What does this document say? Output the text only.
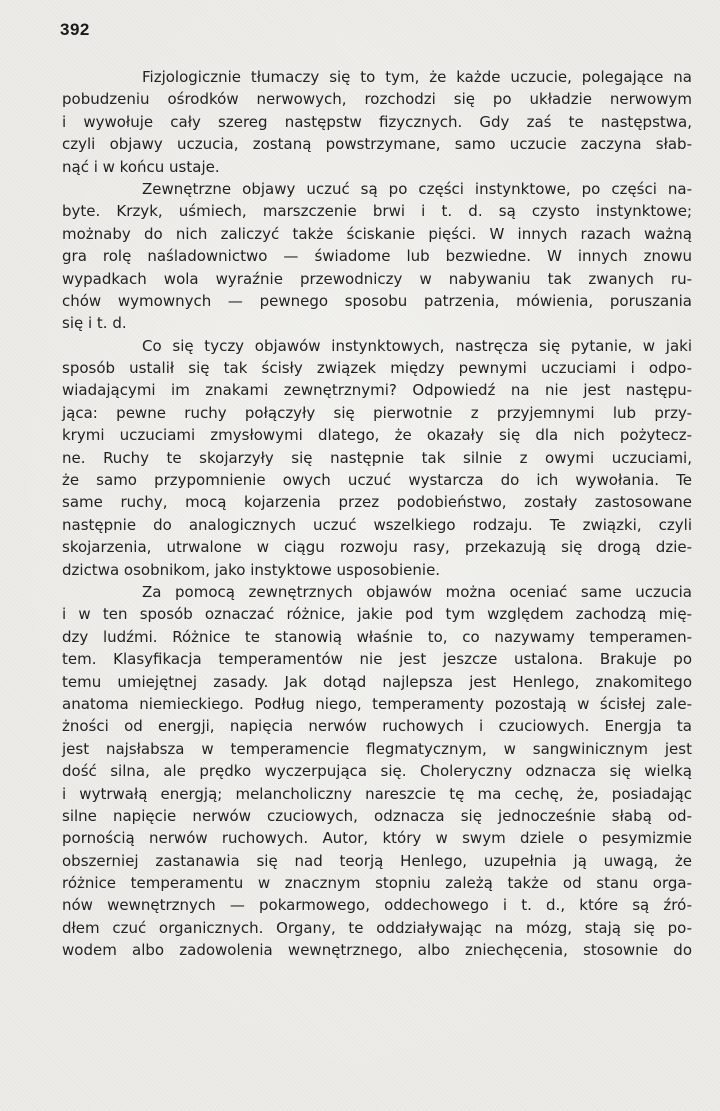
392
Fizjologicznie tłumaczy się to tym, że każde uczucie, polegające na
pobudzeniu ośrodków nerwowych, rozchodzi się po układzie nerwowym
i wywołuje cały szereg następstw fizycznych. Gdy zaś te następstwa,
czyli objawy uczucia, zostaną powstrzymane, samo uczucie zaczyna słab-
nąć i w końcu ustaje.
Zewnętrzne objawy uczuć są po części instynktowe, po części na-
byte. Krzyk, uśmiech, marszczenie brwi i t. d. są czysto instynktowe;
możnaby do nich zaliczyć także ściskanie pięści. W innych razach ważną
gra rolę naśladownictwo — świadome lub bezwiedne. W innych znowu
wypadkach wola wyraźnie przewodniczy w nabywaniu tak zwanych ru-
chów wymownych — pewnego sposobu patrzenia, mówienia, poruszania
się i t. d.
Co się tyczy objawów instynktowych, nastręcza się pytanie, w jaki
sposób ustalił się tak ścisły związek między pewnymi uczuciami i odpo-
wiadającymi im znakami zewnętrznymi? Odpowiedź na nie jest następu-
jąca: pewne ruchy połączyły się pierwotnie z przyjemnymi lub przy-
krymi uczuciami zmysłowymi dlatego, że okazały się dla nich pożytecz-
ne. Ruchy te skojarzyły się następnie tak silnie z owymi uczuciami,
że samo przypomnienie owych uczuć wystarcza do ich wywołania. Te
same ruchy, mocą kojarzenia przez podobieństwo, zostały zastosowane
następnie do analogicznych uczuć wszelkiego rodzaju. Te związki, czyli
skojarzenia, utrwalone w ciągu rozwoju rasy, przekazują się drogą dzie-
dzictwa osobnikom, jako instyktowe usposobienie.
Za pomocą zewnętrznych objawów można oceniać same uczucia
i w ten sposób oznaczać różnice, jakie pod tym względem zachodzą mię-
dzy ludźmi. Różnice te stanowią właśnie to, co nazywamy temperamen-
tem. Klasyfikacja temperamentów nie jest jeszcze ustalona. Brakuje po
temu umiejętnej zasady. Jak dotąd najlepsza jest Henlego, znakomitego
anatoma niemieckiego. Podług niego, temperamenty pozostają w ścisłej zale-
żności od energji, napięcia nerwów ruchowych i czuciowych. Energja ta
jest najsłabsza w temperamencie flegmatycznym, w sangwinicznym jest
dość silna, ale prędko wyczerpująca się. Choleryczny odznacza się wielką
i wytrwałą energją; melancholiczny nareszcie tę ma cechę, że, posiadając
silne napięcie nerwów czuciowych, odznacza się jednocześnie słabą od-
pornością nerwów ruchowych. Autor, który w swym dziele o pesymizmie
obszerniej zastanawia się nad teorją Henlego, uzupełnia ją uwagą, że
różnice temperamentu w znacznym stopniu zależą także od stanu orga-
nów wewnętrznych — pokarmowego, oddechowego i t. d., które są źró-
dłem czuć organicznych. Organy, te oddziaływając na mózg, stają się po-
wodem albo zadowolenia wewnętrznego, albo zniechęcenia, stosownie do
